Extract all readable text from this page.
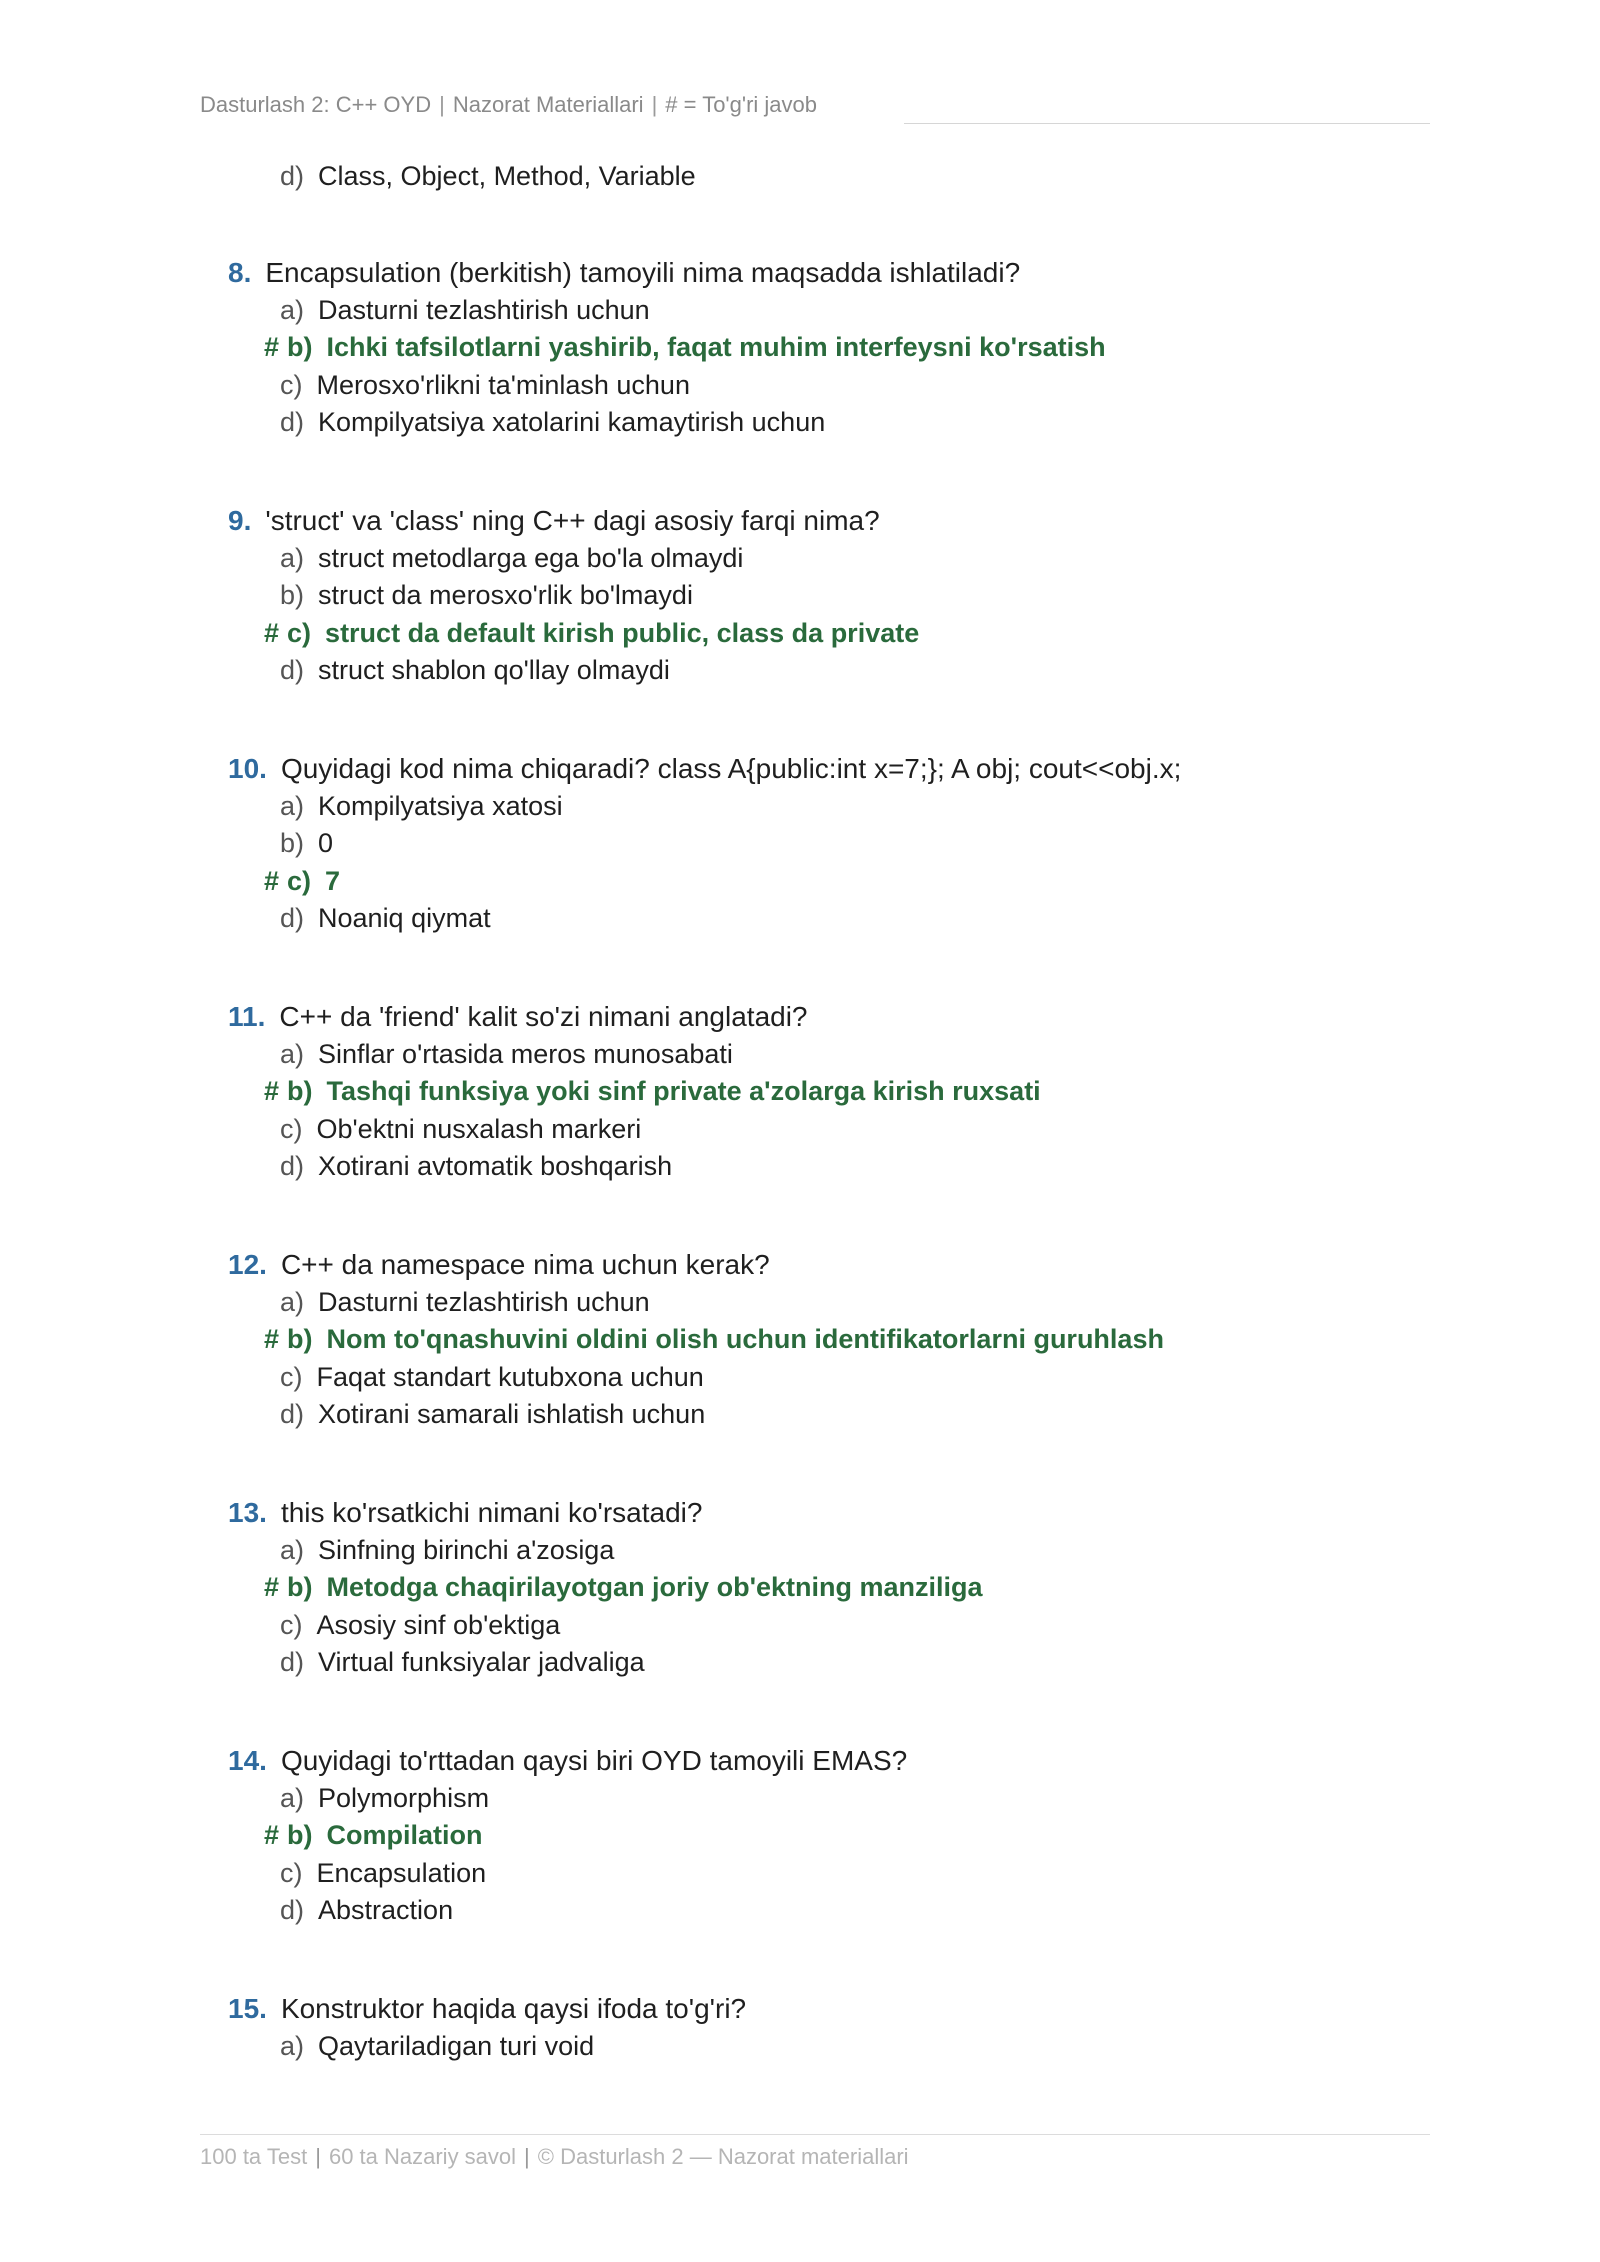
Dasturlash 2: C++ OYD | Nazorat Materiallari | # = To'g'ri javob
d) Class, Object, Method, Variable
8. Encapsulation (berkitish) tamoyili nima maqsadda ishlatiladi?
a) Dasturni tezlashtirish uchun
# b) Ichki tafsilotlarni yashirib, faqat muhim interfeysni ko'rsatish
c) Merosxo'rlikni ta'minlash uchun
d) Kompilyatsiya xatolarini kamaytirish uchun
9. 'struct' va 'class' ning C++ dagi asosiy farqi nima?
a) struct metodlarga ega bo'la olmaydi
b) struct da merosxo'rlik bo'lmaydi
# c) struct da default kirish public, class da private
d) struct shablon qo'llay olmaydi
10. Quyidagi kod nima chiqaradi? class A{public:int x=7;}; A obj; cout<<obj.x;
a) Kompilyatsiya xatosi
b) 0
# c) 7
d) Noaniq qiymat
11. C++ da 'friend' kalit so'zi nimani anglatadi?
a) Sinflar o'rtasida meros munosabati
# b) Tashqi funksiya yoki sinf private a'zolarga kirish ruxsati
c) Ob'ektni nusxalash markeri
d) Xotirani avtomatik boshqarish
12. C++ da namespace nima uchun kerak?
a) Dasturni tezlashtirish uchun
# b) Nom to'qnashuvini oldini olish uchun identifikatorlarni guruhlash
c) Faqat standart kutubxona uchun
d) Xotirani samarali ishlatish uchun
13. this ko'rsatkichi nimani ko'rsatadi?
a) Sinfning birinchi a'zosiga
# b) Metodga chaqirilayotgan joriy ob'ektning manziliga
c) Asosiy sinf ob'ektiga
d) Virtual funksiyalar jadvaliga
14. Quyidagi to'rttadan qaysi biri OYD tamoyili EMAS?
a) Polymorphism
# b) Compilation
c) Encapsulation
d) Abstraction
15. Konstruktor haqida qaysi ifoda to'g'ri?
a) Qaytariladigan turi void
100 ta Test | 60 ta Nazariy savol | © Dasturlash 2 — Nazorat materiallari
